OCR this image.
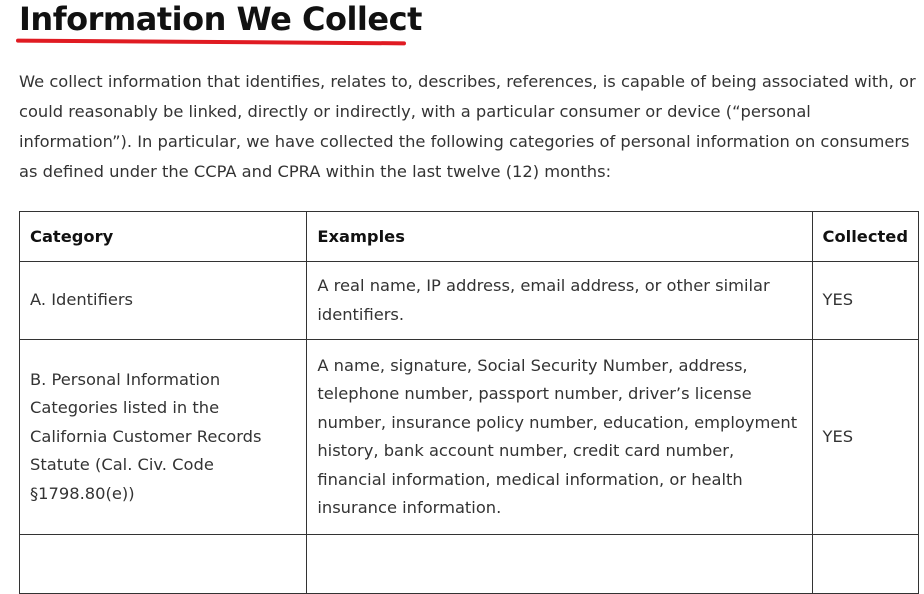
Information We Collect

We collect information that identifies, relates to, describes, references, is capable of being associated with, or could reasonably be linked, directly or indirectly, with a particular consumer or device (“personal information”). In particular, we have collected the following categories of personal information on consumers as defined under the CCPA and CPRA within the last twelve (12) months:

Category	Examples	Collected
A. Identifiers	A real name, IP address, email address, or other similar identifiers.	YES
B. Personal Information Categories listed in the California Customer Records Statute (Cal. Civ. Code §1798.80(e))	A name, signature, Social Security Number, address, telephone number, passport number, driver’s license number, insurance policy number, education, employment history, bank account number, credit card number, financial information, medical information, or health insurance information.	YES
